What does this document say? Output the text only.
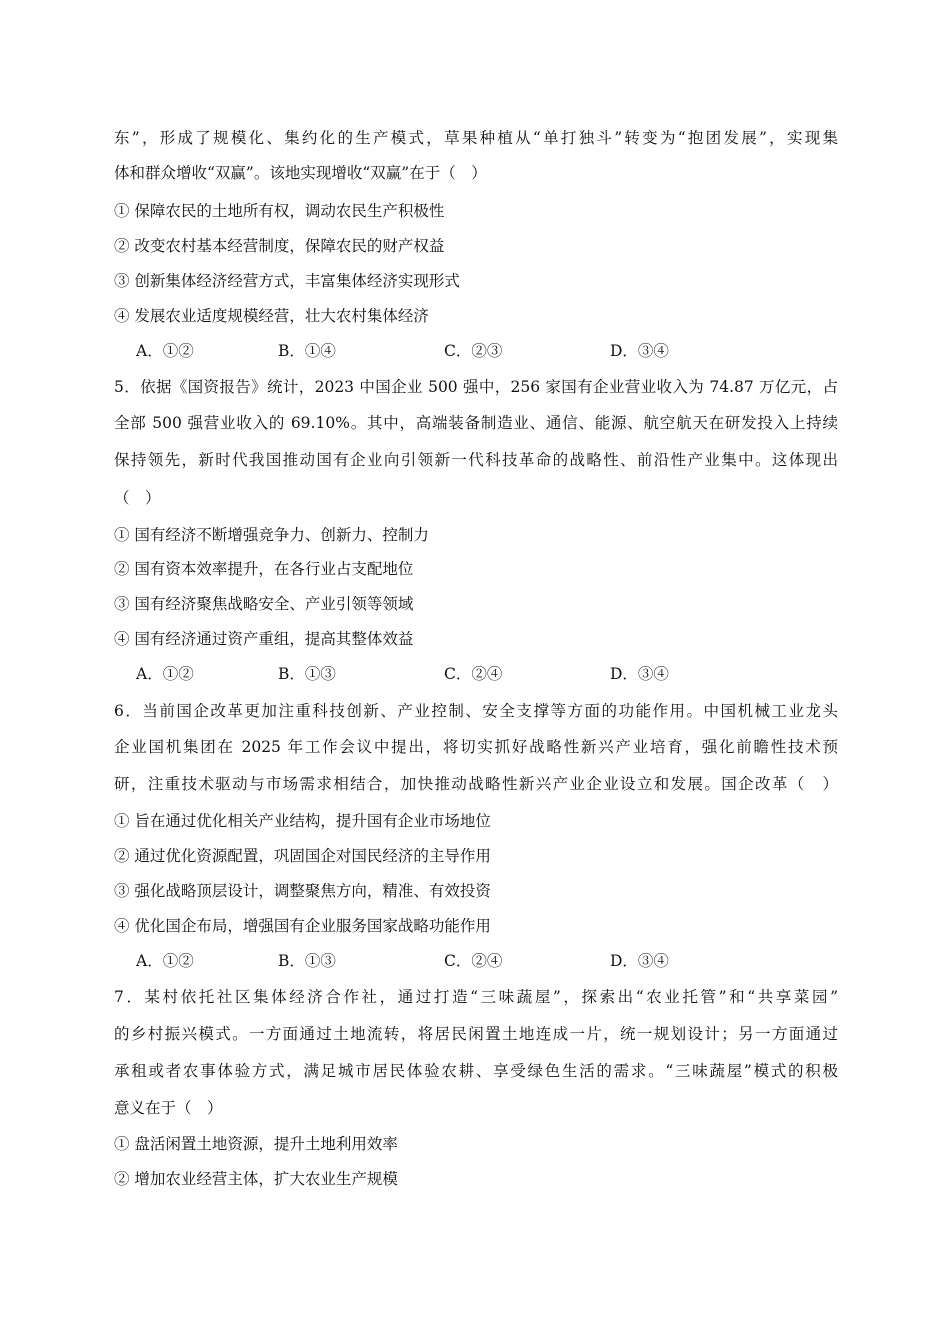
东”，形成了规模化、集约化的生产模式，草果种植从“单打独斗”转变为“抱团发展”，实现集
体和群众增收“双赢”。该地实现增收“双赢”在于（　）
① 保障农民的土地所有权，调动农民生产积极性
② 改变农村基本经营制度，保障农民的财产权益
③ 创新集体经济经营方式，丰富集体经济实现形式
④ 发展农业适度规模经营，壮大农村集体经济
A．①②	B．①④	C．②③	D．③④
5．依据《国资报告》统计，2023 中国企业 500 强中，256 家国有企业营业收入为 74.87 万亿元，占
全部 500 强营业收入的 69.10%。其中，高端装备制造业、通信、能源、航空航天在研发投入上持续
保持领先，新时代我国推动国有企业向引领新一代科技革命的战略性、前沿性产业集中。这体现出
（　）
① 国有经济不断增强竞争力、创新力、控制力
② 国有资本效率提升，在各行业占支配地位
③ 国有经济聚焦战略安全、产业引领等领域
④ 国有经济通过资产重组，提高其整体效益
A．①②	B．①③	C．②④	D．③④
6．当前国企改革更加注重科技创新、产业控制、安全支撑等方面的功能作用。中国机械工业龙头
企业国机集团在 2025 年工作会议中提出，将切实抓好战略性新兴产业培育，强化前瞻性技术预
研，注重技术驱动与市场需求相结合，加快推动战略性新兴产业企业设立和发展。国企改革（　）
① 旨在通过优化相关产业结构，提升国有企业市场地位
② 通过优化资源配置，巩固国企对国民经济的主导作用
③ 强化战略顶层设计，调整聚焦方向，精准、有效投资
④ 优化国企布局，增强国有企业服务国家战略功能作用
A．①②	B．①③	C．②④	D．③④
7．某村依托社区集体经济合作社，通过打造“三味蔬屋”，探索出“农业托管”和“共享菜园”
的乡村振兴模式。一方面通过土地流转，将居民闲置土地连成一片，统一规划设计；另一方面通过
承租或者农事体验方式，满足城市居民体验农耕、享受绿色生活的需求。“三味蔬屋”模式的积极
意义在于（　）
① 盘活闲置土地资源，提升土地利用效率
② 增加农业经营主体，扩大农业生产规模
